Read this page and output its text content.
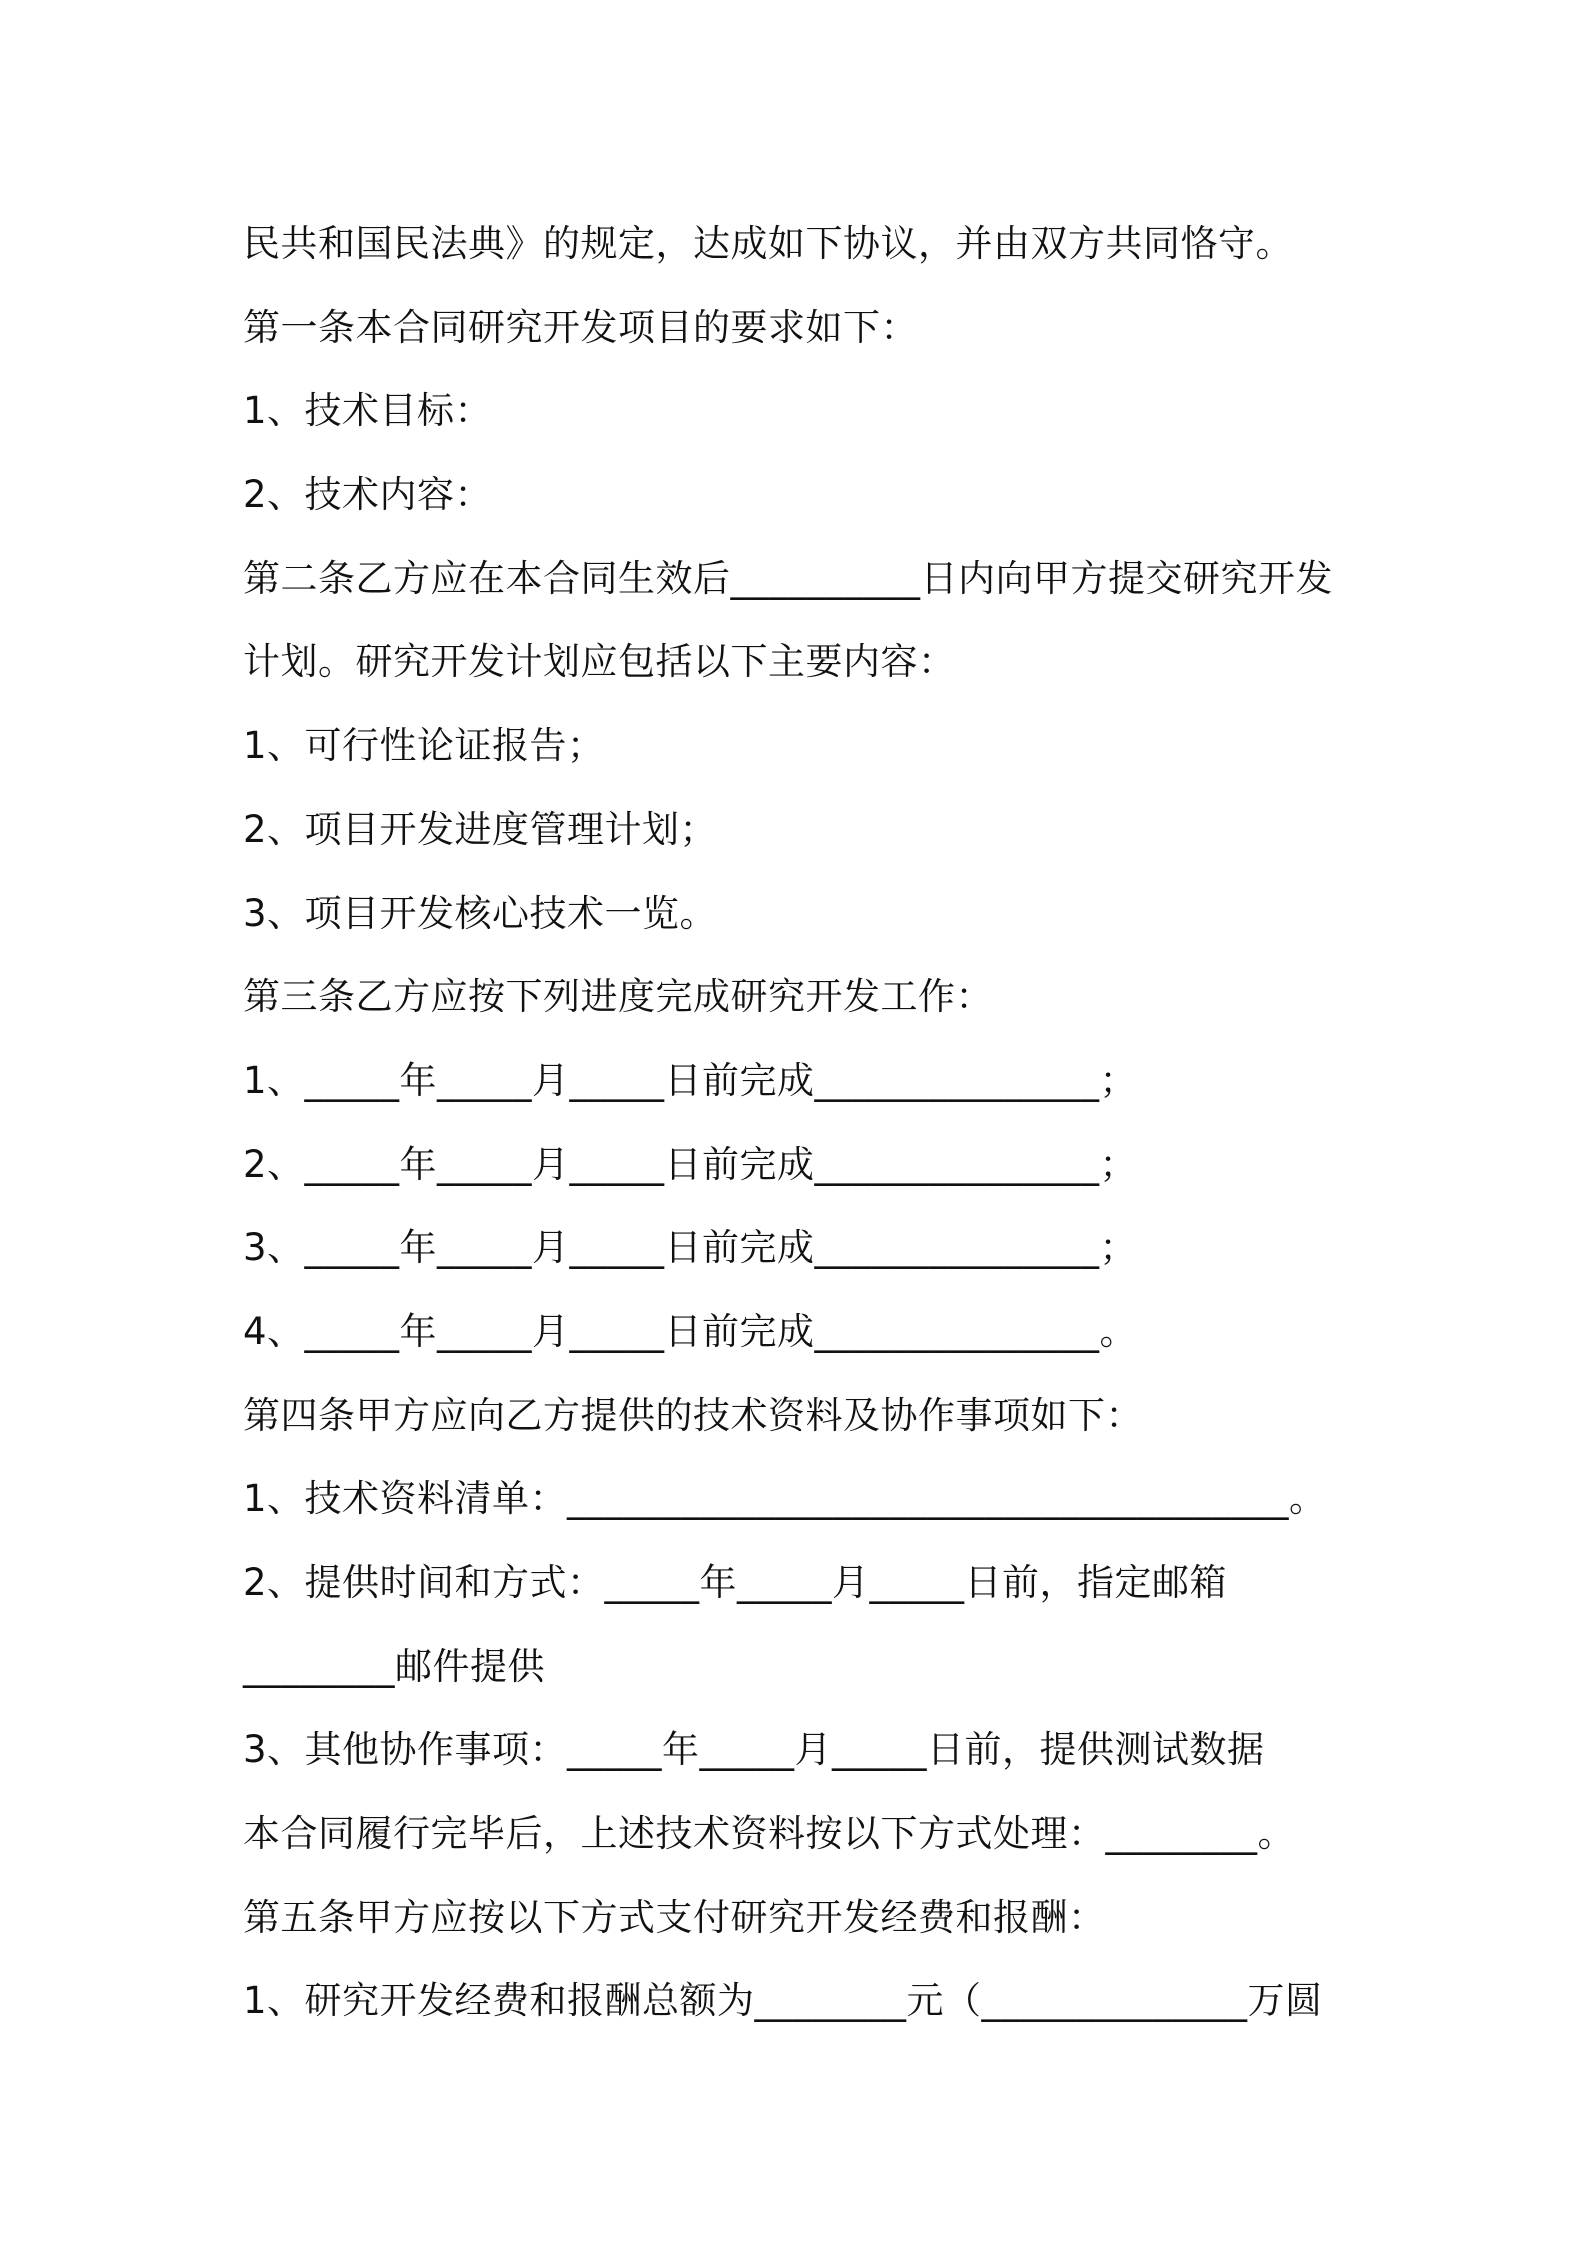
民共和国民法典》的规定，达成如下协议，并由双方共同恪守。
第一条本合同研究开发项目的要求如下：
1、技术目标：
2、技术内容：
第二条乙方应在本合同生效后__________日内向甲方提交研究开发
计划。研究开发计划应包括以下主要内容：
1、可行性论证报告；
2、项目开发进度管理计划；
3、项目开发核心技术一览。
第三条乙方应按下列进度完成研究开发工作：
1、_____年_____月_____日前完成_______________；
2、_____年_____月_____日前完成_______________；
3、_____年_____月_____日前完成_______________；
4、_____年_____月_____日前完成_______________。
第四条甲方应向乙方提供的技术资料及协作事项如下：
1、技术资料清单：______________________________________。
2、提供时间和方式：_____年_____月_____日前，指定邮箱
________邮件提供
3、其他协作事项：_____年_____月_____日前，提供测试数据
本合同履行完毕后，上述技术资料按以下方式处理：________。
第五条甲方应按以下方式支付研究开发经费和报酬：
1、研究开发经费和报酬总额为________元（______________万圆
